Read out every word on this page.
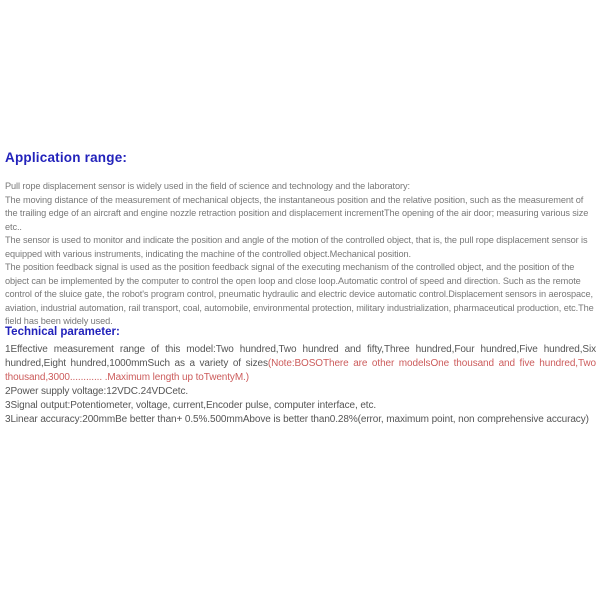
Application range:

Pull rope displacement sensor is widely used in the field of science and technology and the laboratory:

The moving distance of the measurement of mechanical objects, the instantaneous position and the relative position, such as the measurement of the trailing edge of an aircraft and engine nozzle retraction position and displacement incrementThe opening of the air door; measuring various size etc..

The sensor is used to monitor and indicate the position and angle of the motion of the controlled object, that is, the pull rope displacement sensor is equipped with various instruments, indicating the machine of the controlled object.Mechanical position.

The position feedback signal is used as the position feedback signal of the executing mechanism of the controlled object, and the position of the object can be implemented by the computer to control the open loop and close loop.Automatic control of speed and direction. Such as the remote control of the sluice gate, the robot's program control, pneumatic hydraulic and electric device automatic control.Displacement sensors in aerospace, aviation, industrial automation, rail transport, coal, automobile, environmental protection, military industrialization, pharmaceutical production, etc.The field has been widely used.

Technical parameter:

1Effective measurement range of this model:Two hundred,Two hundred and fifty,Three hundred,Four hundred,Five hundred,Six hundred,Eight hundred,1000mmSuch as a variety of sizes(Note:BOSOThere are other modelsOne thousand and five hundred,Two thousand,3000............ .Maximum length up toTwentyM.)

2Power supply voltage:12VDC.24VDCetc.

3Signal output:Potentiometer, voltage, current,Encoder pulse, computer interface, etc.

3Linear accuracy:200mmBe better than+ 0.5%.500mmAbove is better than0.28%(error, maximum point, non comprehensive accuracy)
